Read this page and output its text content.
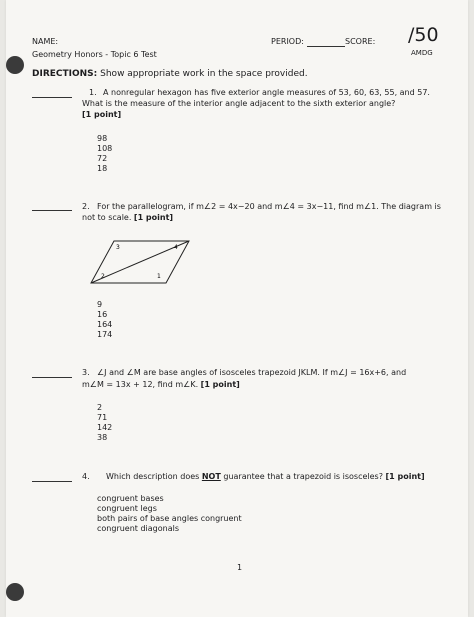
NAME:
Geometry Honors - Topic 6 Test
PERIOD:	SCORE: /50
AMDG
DIRECTIONS: Show appropriate work in the space provided.
1. A nonregular hexagon has five exterior angle measures of 53, 60, 63, 55, and 57.
What is the measure of the interior angle adjacent to the sixth exterior angle?
[1 point]
98
108
72
18
2. For the parallelogram, if m∠2 = 4x−20 and m∠4 = 3x−11, find m∠1. The diagram is
not to scale. [1 point]
3	4
2	1
9
16
164
174
3. ∠J and ∠M are base angles of isosceles trapezoid JKLM. If m∠J = 16x+6, and
m∠M = 13x + 12, find m∠K. [1 point]
2
71
142
38
4. Which description does NOT guarantee that a trapezoid is isosceles? [1 point]
congruent bases
congruent legs
both pairs of base angles congruent
congruent diagonals
1
